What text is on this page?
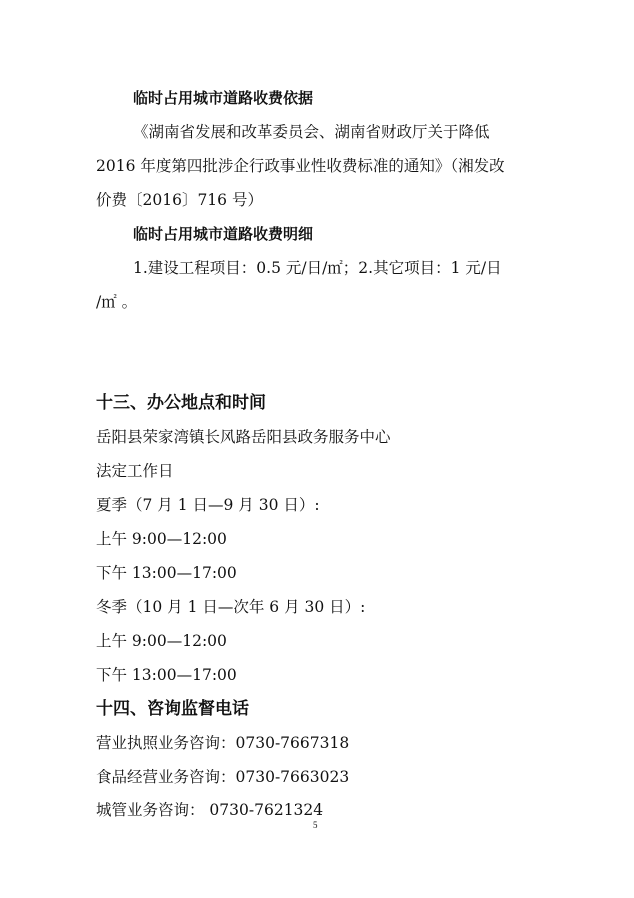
临时占用城市道路收费依据
《湖南省发展和改革委员会、湖南省财政厅关于降低
2016 年度第四批涉企行政事业性收费标准的通知》（湘发改
价费〔2016〕716 号）
临时占用城市道路收费明细
1.建设工程项目：0.5 元/日/㎡；2.其它项目：1 元/日
/㎡ 。
十三、办公地点和时间
岳阳县荣家湾镇长风路岳阳县政务服务中心
法定工作日
夏季（7 月 1 日—9 月 30 日）:
上午 9:00—12:00
下午 13:00—17:00
冬季（10 月 1 日—次年 6 月 30 日）:
上午 9:00—12:00
下午 13:00—17:00
十四、咨询监督电话
营业执照业务咨询：0730-7667318
食品经营业务咨询：0730-7663023
城管业务咨询： 0730-7621324
5
